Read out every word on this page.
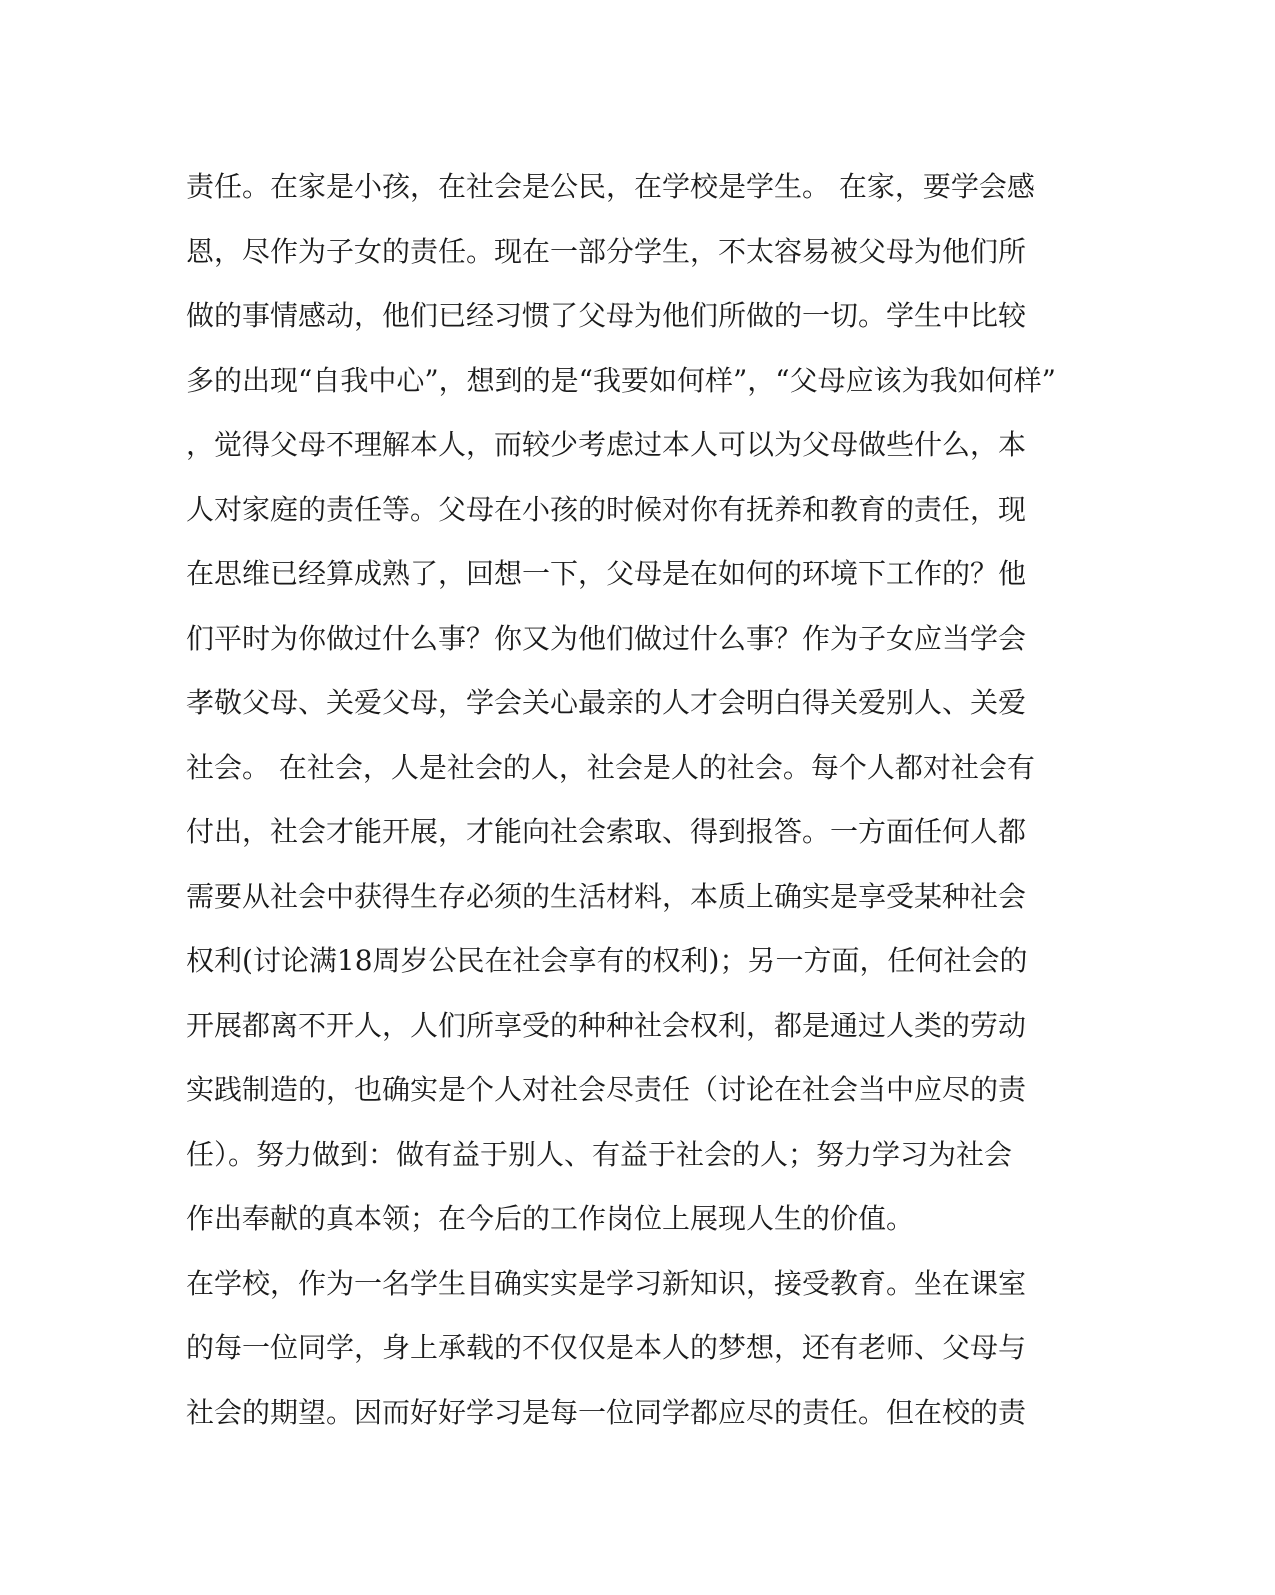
责任。在家是小孩，在社会是公民，在学校是学生。 在家，要学会感
恩，尽作为子女的责任。现在一部分学生，不太容易被父母为他们所
做的事情感动，他们已经习惯了父母为他们所做的一切。学生中比较
多的出现“自我中心”，想到的是“我要如何样”，“父母应该为我如何样”
，觉得父母不理解本人，而较少考虑过本人可以为父母做些什么，本
人对家庭的责任等。父母在小孩的时候对你有抚养和教育的责任，现
在思维已经算成熟了，回想一下，父母是在如何的环境下工作的？他
们平时为你做过什么事？你又为他们做过什么事？作为子女应当学会
孝敬父母、关爱父母，学会关心最亲的人才会明白得关爱别人、关爱
社会。 在社会，人是社会的人，社会是人的社会。每个人都对社会有
付出，社会才能开展，才能向社会索取、得到报答。一方面任何人都
需要从社会中获得生存必须的生活材料，本质上确实是享受某种社会
权利(讨论满18周岁公民在社会享有的权利)；另一方面，任何社会的
开展都离不开人，人们所享受的种种社会权利，都是通过人类的劳动
实践制造的，也确实是个人对社会尽责任（讨论在社会当中应尽的责
任）。努力做到：做有益于别人、有益于社会的人；努力学习为社会
作出奉献的真本领；在今后的工作岗位上展现人生的价值。
在学校，作为一名学生目确实实是学习新知识，接受教育。坐在课室
的每一位同学，身上承载的不仅仅是本人的梦想，还有老师、父母与
社会的期望。因而好好学习是每一位同学都应尽的责任。但在校的责
